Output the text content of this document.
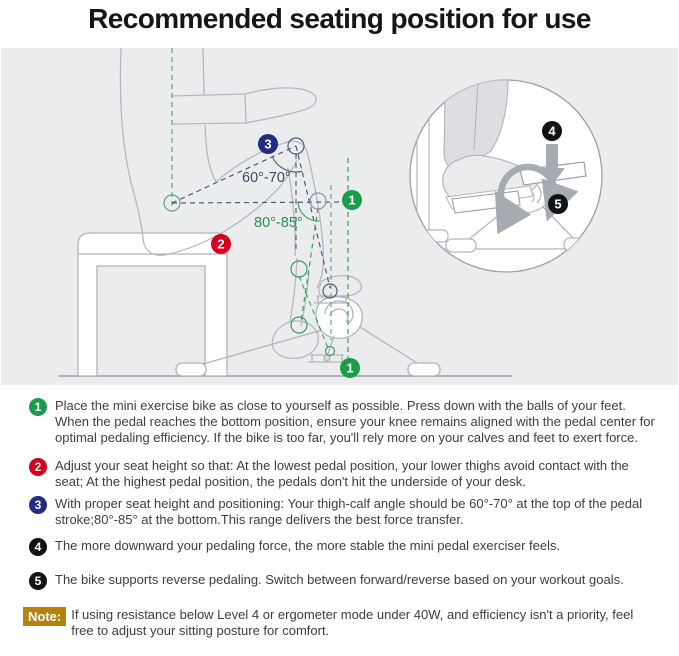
Recommended seating position for use
60°-70°
80°-85°
3
1
2
1
4
5
1	Place the mini exercise bike as close to yourself as possible. Press down with the balls of your feet. When the pedal reaches the bottom position, ensure your knee remains aligned with the pedal center for optimal pedaling efficiency. If the bike is too far, you'll rely more on your calves and feet to exert force.
2	Adjust your seat height so that: At the lowest pedal position, your lower thighs avoid contact with the seat; At the highest pedal position, the pedals don't hit the underside of your desk.
3	With proper seat height and positioning: Your thigh-calf angle should be 60°-70° at the top of the pedal stroke;80°-85° at the bottom.This range delivers the best force transfer.
4	The more downward your pedaling force, the more stable the mini pedal exerciser feels.
5	The bike supports reverse pedaling. Switch between forward/reverse based on your workout goals.
Note: If using resistance below Level 4 or ergometer mode under 40W, and efficiency isn't a priority, feel free to adjust your sitting posture for comfort.
